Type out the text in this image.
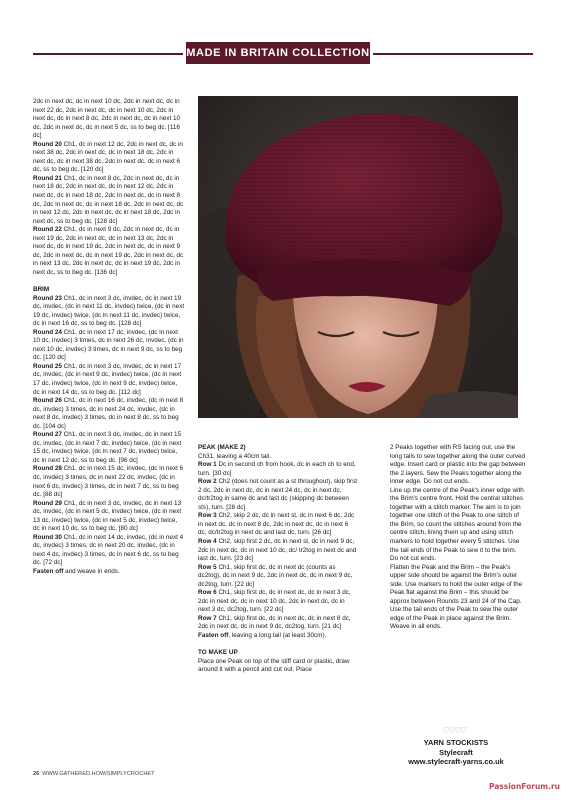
MADE IN BRITAIN COLLECTION

2dc in next dc, dc in next 10 dc, 2dc in next dc, dc in next 22 dc, 2dc in next dc, dc in next 10 dc, 2dc in next dc, dc in next 8 dc, 2dc in next dc, dc in next 10 dc, 2dc in next dc, dc in next 5 dc, ss to beg dc. [116 dc]

Round 20 Ch1, dc in next 12 dc, 2dc in next dc, dc in next 38 dc, 2dc in next dc, dc in next 18 dc, 2dc in next dc, dc in next 38 dc, 2dc in next dc, dc in next 6 dc, ss to beg dc. [120 dc]

Round 21 Ch1, dc in next 8 dc, 2dc in next dc, dc in next 18 dc, 2dc in next dc, dc in next 12 dc, 2dc in next dc, dc in next 18 dc, 2dc in next dc, dc in next 8 dc, 2dc in next dc, dc in next 18 dc, 2dc in next dc, dc in next 12 dc, 2dc in next dc, dc in next 18 dc, 2dc in next dc, ss to beg dc. [128 dc]

Round 22 Ch1, dc in next 9 dc, 2dc in next dc, dc in next 19 dc, 2dc in next dc, dc in next 13 dc, 2dc in next dc, dc in next 19 dc, 2dc in next dc, dc in next 9 dc, 2dc in next dc, dc in next 19 dc, 2dc in next dc, dc in next 13 dc, 2dc in next dc, dc in next 19 dc, 2dc in next dc, ss to beg dc. [136 dc]

BRIM

Round 23 Ch1, dc in next 3 dc, invdec, dc in next 19 dc, invdec, (dc in next 11 dc, invdec) twice, (dc in next 19 dc, invdec) twice, (dc in next 11 dc, invdec) twice, dc in next 16 dc, ss to beg dc. [128 dc]

Round 24 Ch1, dc in next 17 dc, invdec, (dc in next 10 dc, invdec) 3 times, dc in next 26 dc, invdec, (dc in next 10 dc, invdec) 3 times, dc in next 9 dc, ss to beg dc. [120 dc]

Round 25 Ch1, dc in next 3 dc, invdec, dc in next 17 dc, invdec, (dc in next 9 dc, invdec) twice, (dc in next 17 dc, invdec) twice, (dc in next 9 dc, invdec) twice, dc in next 14 dc, ss to beg dc. [112 dc]

Round 26 Ch1, dc in next 16 dc, invdec, (dc in next 8 dc, invdec) 3 times, dc in next 24 dc, invdec, (dc in next 8 dc, invdec) 3 times, dc in next 8 dc, ss to beg dc. [104 dc]

Round 27 Ch1, dc in next 3 dc, invdec, dc in next 15 dc, invdec, (dc in next 7 dc, invdec) twice, (dc in next 15 dc, invdec) twice, (dc in next 7 dc, invdec) twice, dc in next 12 dc, ss to beg dc. [96 dc]

Round 28 Ch1, dc in next 15 dc, invdec, (dc in next 6 dc, invdec) 3 times, dc in next 22 dc, invdec, (dc in next 6 dc, invdec) 3 times, dc in next 7 dc, ss to beg dc. [88 dc]

Round 29 Ch1, dc in next 3 dc, invdec, dc in next 13 dc, invdec, (dc in next 5 dc, invdec) twice, (dc in next 13 dc, invdec) twice, (dc in next 5 dc, invdec) twice, dc in next 10 dc, ss to beg dc. [80 dc]

Round 30 Ch1, dc in next 14 dc, invdec, (dc in next 4 dc, invdec) 3 times, dc in next 20 dc, invdec, (dc in next 4 dc, invdec) 3 times, dc in next 6 dc, ss to beg dc. [72 dc]

Fasten off and weave in ends.

PEAK (MAKE 2)

Ch31, leaving a 40cm tail.

Row 1 Dc in second ch from hook, dc in each ch to end, turn. [30 dc]

Row 2 Ch2 (does not count as a st throughout), skip first 2 dc, 2dc in next dc, dc in next 24 dc, dc in next dc, dc/tr2tog in same dc and last dc (skipping dc between sts), turn. [28 dc]

Row 3 Ch2, skip 2 dc, dc in next st, dc in next 6 dc, 2dc in next dc, dc in next 8 dc, 2dc in next dc, dc in next 6 dc, dc/tr2tog in next dc and last dc, turn. [26 dc]

Row 4 Ch2, skip first 2 dc, dc in next st, dc in next 9 dc, 2dc in next dc, dc in next 10 dc, dc/ tr2tog in next dc and last dc, turn. [23 dc]

Row 5 Ch1, skip first dc, dc in next dc (counts as dc2tog), dc in next 9 dc, 2dc in next dc, dc in next 9 dc, dc2tog, turn. [22 dc]

Row 6 Ch1, skip first dc, dc in next dc, dc in next 3 dc, 2dc in next dc, dc in next 10 dc, 2dc in next dc, dc in next 3 dc, dc2tog, turn. [22 dc]

Row 7 Ch1, skip first dc, dc in next dc, dc in next 8 dc, 2dc in next dc, dc in next 9 dc, dc2tog, turn. [21 dc]

Fasten off, leaving a long tail (at least 30cm).

TO MAKE UP

Place one Peak on top of the stiff card or plastic, draw around it with a pencil and cut out. Place

2 Peaks together with RS facing out, use the long tails to sew together along the outer curved edge. Insert card or plastic into the gap between the 2 layers. Sew the Peaks together along the inner edge. Do not cut ends.

Line up the centre of the Peak's inner edge with the Brim's centre front. Hold the central stitches together with a stitch marker. The aim is to join together one stitch of the Peak to one stitch of the Brim, so count the stitches around from the centre stitch, lining them up and using stitch markers to hold together every 5 stitches. Use the tail ends of the Peak to sew it to the brim. Do not cut ends.

Flatten the Peak and the Brim – the Peak's upper side should be against the Brim's outer side. Use markers to hold the outer edge of the Peak flat against the Brim – this should be approx between Rounds 23 and 24 of the Cap. Use the tail ends of the Peak to sew the outer edge of the Peak in place against the Brim. Weave in all ends.

♡♡♡♡
YARN STOCKISTS
Stylecraft
www.stylecraft-yarns.co.uk
26 WWW.GATHERED.HOW/SIMPLYCROCHET
PassionForum.ru
